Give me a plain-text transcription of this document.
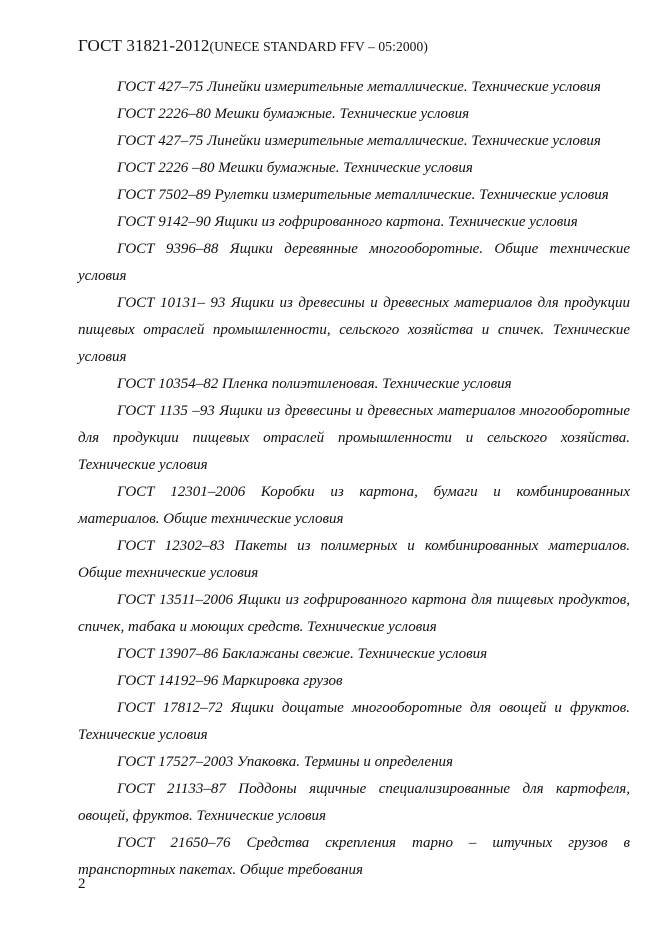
ГОСТ 31821-2012(UNECE STANDARD FFV – 05:2000)

ГОСТ 427–75 Линейки измерительные металлические. Технические условия

ГОСТ 2226–80 Мешки бумажные. Технические условия

ГОСТ 427–75 Линейки измерительные металлические. Технические условия

ГОСТ 2226 –80 Мешки бумажные. Технические условия

ГОСТ 7502–89 Рулетки измерительные металлические. Технические условия

ГОСТ 9142–90 Ящики из гофрированного картона. Технические условия

ГОСТ 9396–88 Ящики деревянные многооборотные. Общие технические условия

ГОСТ 10131– 93 Ящики из древесины и древесных материалов для продукции пищевых отраслей промышленности, сельского хозяйства и спичек. Технические условия

ГОСТ 10354–82 Пленка полиэтиленовая. Технические условия

ГОСТ 1135 –93 Ящики из древесины и древесных материалов многооборотные для продукции пищевых отраслей промышленности и сельского хозяйства. Технические условия

ГОСТ 12301–2006 Коробки из картона, бумаги и комбинированных материалов. Общие технические условия

ГОСТ 12302–83 Пакеты из полимерных и комбинированных материалов. Общие технические условия

ГОСТ 13511–2006 Ящики из гофрированного картона для пищевых продуктов, спичек, табака и моющих средств. Технические условия

ГОСТ 13907–86 Баклажаны свежие. Технические условия

ГОСТ 14192–96 Маркировка грузов

ГОСТ 17812–72 Ящики дощатые многооборотные для овощей и фруктов. Технические условия

ГОСТ 17527–2003 Упаковка. Термины и определения

ГОСТ 21133–87 Поддоны ящичные специализированные для картофеля, овощей, фруктов. Технические условия

ГОСТ 21650–76 Средства скрепления тарно – штучных грузов в транспортных пакетах. Общие требования

2
